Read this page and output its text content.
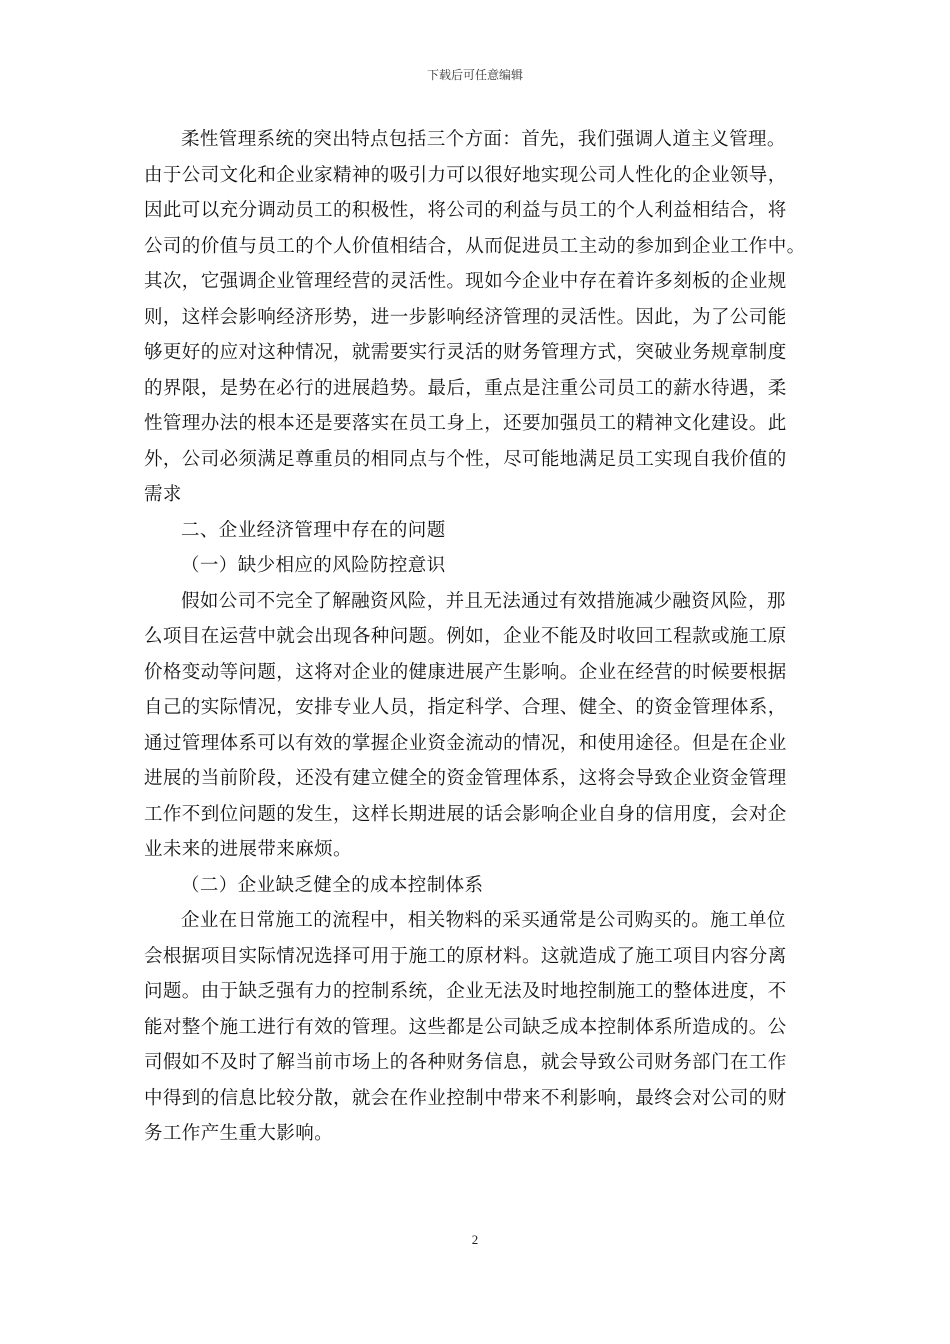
下载后可任意编辑
柔性管理系统的突出特点包括三个方面：首先，我们强调人道主义管理。
由于公司文化和企业家精神的吸引力可以很好地实现公司人性化的企业领导，
因此可以充分调动员工的积极性，将公司的利益与员工的个人利益相结合，将
公司的价值与员工的个人价值相结合，从而促进员工主动的参加到企业工作中。
其次，它强调企业管理经营的灵活性。现如今企业中存在着许多刻板的企业规
则，这样会影响经济形势，进一步影响经济管理的灵活性。因此，为了公司能
够更好的应对这种情况，就需要实行灵活的财务管理方式，突破业务规章制度
的界限，是势在必行的进展趋势。最后，重点是注重公司员工的薪水待遇，柔
性管理办法的根本还是要落实在员工身上，还要加强员工的精神文化建设。此
外，公司必须满足尊重员的相同点与个性，尽可能地满足员工实现自我价值的
需求
二、企业经济管理中存在的问题
（一）缺少相应的风险防控意识
假如公司不完全了解融资风险，并且无法通过有效措施减少融资风险，那
么项目在运营中就会出现各种问题。例如，企业不能及时收回工程款或施工原
价格变动等问题，这将对企业的健康进展产生影响。企业在经营的时候要根据
自己的实际情况，安排专业人员，指定科学、合理、健全、的资金管理体系，
通过管理体系可以有效的掌握企业资金流动的情况，和使用途径。但是在企业
进展的当前阶段，还没有建立健全的资金管理体系，这将会导致企业资金管理
工作不到位问题的发生，这样长期进展的话会影响企业自身的信用度，会对企
业未来的进展带来麻烦。
（二）企业缺乏健全的成本控制体系
企业在日常施工的流程中，相关物料的采买通常是公司购买的。施工单位
会根据项目实际情况选择可用于施工的原材料。这就造成了施工项目内容分离
问题。由于缺乏强有力的控制系统，企业无法及时地控制施工的整体进度，不
能对整个施工进行有效的管理。这些都是公司缺乏成本控制体系所造成的。公
司假如不及时了解当前市场上的各种财务信息，就会导致公司财务部门在工作
中得到的信息比较分散，就会在作业控制中带来不利影响，最终会对公司的财
务工作产生重大影响。
2
